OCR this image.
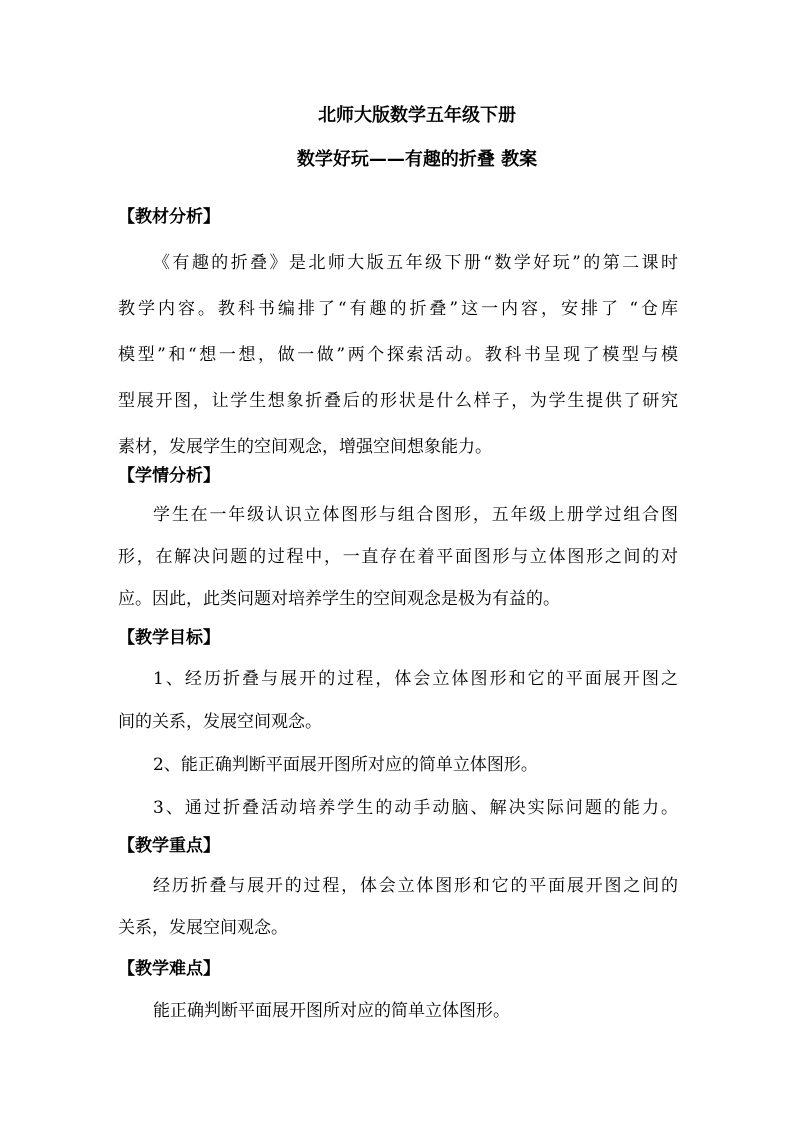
北师大版数学五年级下册
数学好玩——有趣的折叠 教案
【教材分析】
《有趣的折叠》是北师大版五年级下册“数学好玩”的第二课时
教学内容。教科书编排了“有趣的折叠”这一内容，安排了 “仓库
模型”和“想一想，做一做”两个探索活动。教科书呈现了模型与模
型展开图，让学生想象折叠后的形状是什么样子，为学生提供了研究
素材，发展学生的空间观念，增强空间想象能力。
【学情分析】
学生在一年级认识立体图形与组合图形，五年级上册学过组合图
形，在解决问题的过程中，一直存在着平面图形与立体图形之间的对
应。因此，此类问题对培养学生的空间观念是极为有益的。
【教学目标】
1、经历折叠与展开的过程，体会立体图形和它的平面展开图之
间的关系，发展空间观念。
2、能正确判断平面展开图所对应的简单立体图形。
3、通过折叠活动培养学生的动手动脑、解决实际问题的能力。
【教学重点】
经历折叠与展开的过程，体会立体图形和它的平面展开图之间的
关系，发展空间观念。
【教学难点】
能正确判断平面展开图所对应的简单立体图形。
